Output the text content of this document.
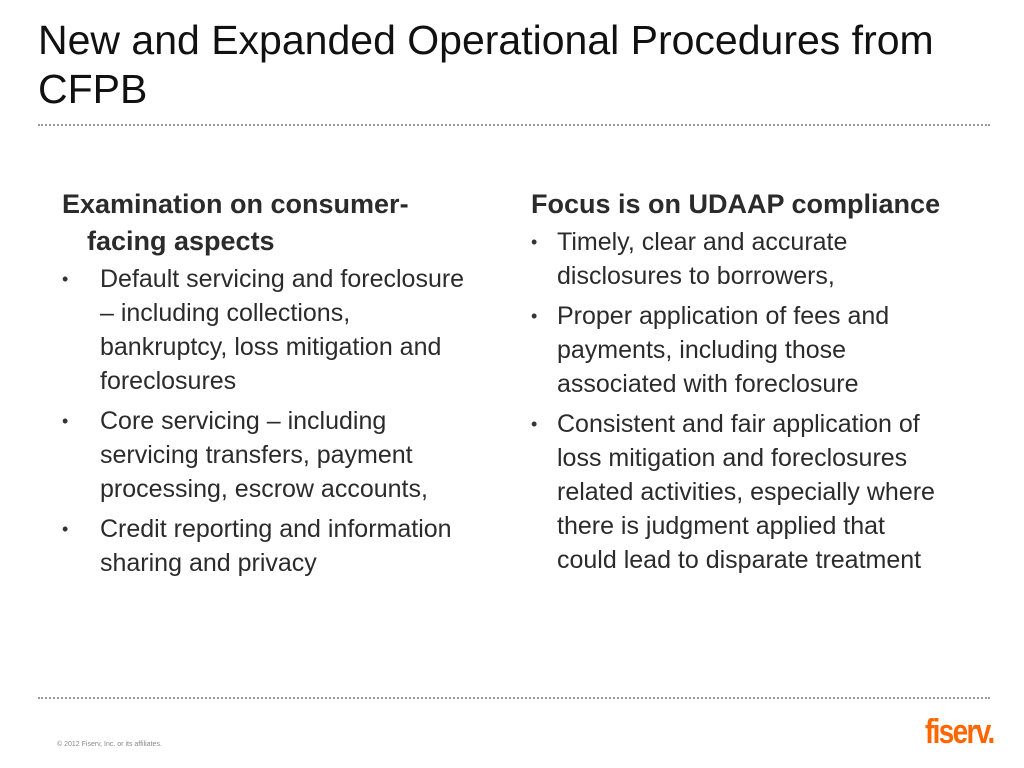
New and Expanded Operational Procedures from CFPB
Examination on consumer-facing aspects
• Default servicing and foreclosure – including collections, bankruptcy, loss mitigation and foreclosures
• Core servicing – including servicing transfers, payment processing, escrow accounts,
• Credit reporting and information sharing and privacy
Focus is on UDAAP compliance
• Timely, clear and accurate disclosures to borrowers,
• Proper application of fees and payments, including those associated with foreclosure
• Consistent and fair application of loss mitigation and foreclosures related activities, especially where there is judgment applied that could lead to disparate treatment
© 2012 Fiserv, Inc. or its affiliates.	fiserv.
